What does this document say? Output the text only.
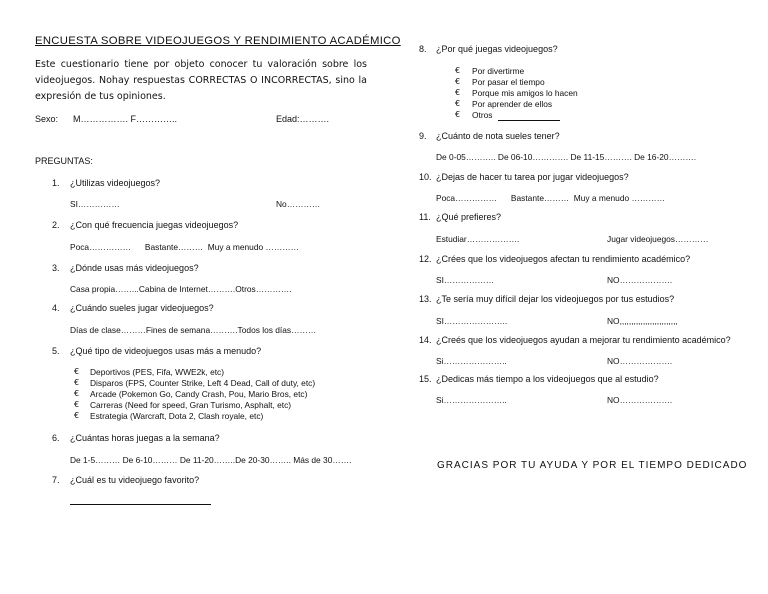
ENCUESTA SOBRE VIDEOJUEGOS Y RENDIMIENTO ACADÉMICO
Este cuestionario tiene por objeto conocer tu valoración sobre los videojuegos. Nohay respuestas CORRECTAS O INCORRECTAS, sino la expresión de tus opiniones.
Sexo: M……………. F…………..	Edad:……….
PREGUNTAS:
1. ¿Utilizas videojuegos?
SI……………	No…………
2. ¿Con qué frecuencia juegas videojuegos?
Poca……………      Bastante………  Muy a menudo …………
3. ¿Dónde usas más videojuegos?
Casa propia……...Cabina de Internet……….Otros………….
4. ¿Cuándo sueles jugar videojuegos?
Días de clase………Fines de semana……….Todos los días………
5. ¿Qué tipo de videojuegos usas más a menudo?
€ Deportivos (PES, Fifa, WWE2k, etc)
€ Disparos (FPS, Counter Strike, Left 4 Dead, Call of duty, etc)
€ Arcade (Pokemon Go, Candy Crash, Pou, Mario Bros, etc)
€ Carreras (Need for speed, Gran Turismo, Asphalt, etc)
€ Estrategia (Warcraft, Dota 2, Clash royale, etc)
6. ¿Cuántas horas juegas a la semana?
De 1-5……… De 6-10……… De 11-20……..De 20-30…….. Más de 30…….
7. ¿Cuál es tu videojuego favorito?
8. ¿Por qué juegas videojuegos?
€ Por divertirme
€ Por pasar el tiempo
€ Porque mis amigos lo hacen
€ Por aprender de ellos
€ Otros
9. ¿Cuánto de nota sueles tener?
De 0-05……….. De 06-10…………. De 11-15………. De 16-20……….
10. ¿Dejas de hacer tu tarea por jugar videojuegos?
Poca……………      Bastante………  Muy a menudo …………
11. ¿Qué prefieres?
Estudiar……………….	Jugar videojuegos…………
12. ¿Crées que los videojuegos afectan tu rendimiento académico?
SI………………	NO……………….
13. ¿Te sería muy difícil dejar los videojuegos por tus estudios?
SI…………………..	NO,,,,,,,,,,,,,,,,,,,,,,,,,
14. ¿Creés que los videojuegos ayudan a mejorar tu rendimiento académico?
Si…………………..	NO……………….
15. ¿Dedicas más tiempo a los videojuegos que al estudio?
Si…………………..	NO……………….
GRACIAS POR TU AYUDA Y POR EL TIEMPO DEDICADO
